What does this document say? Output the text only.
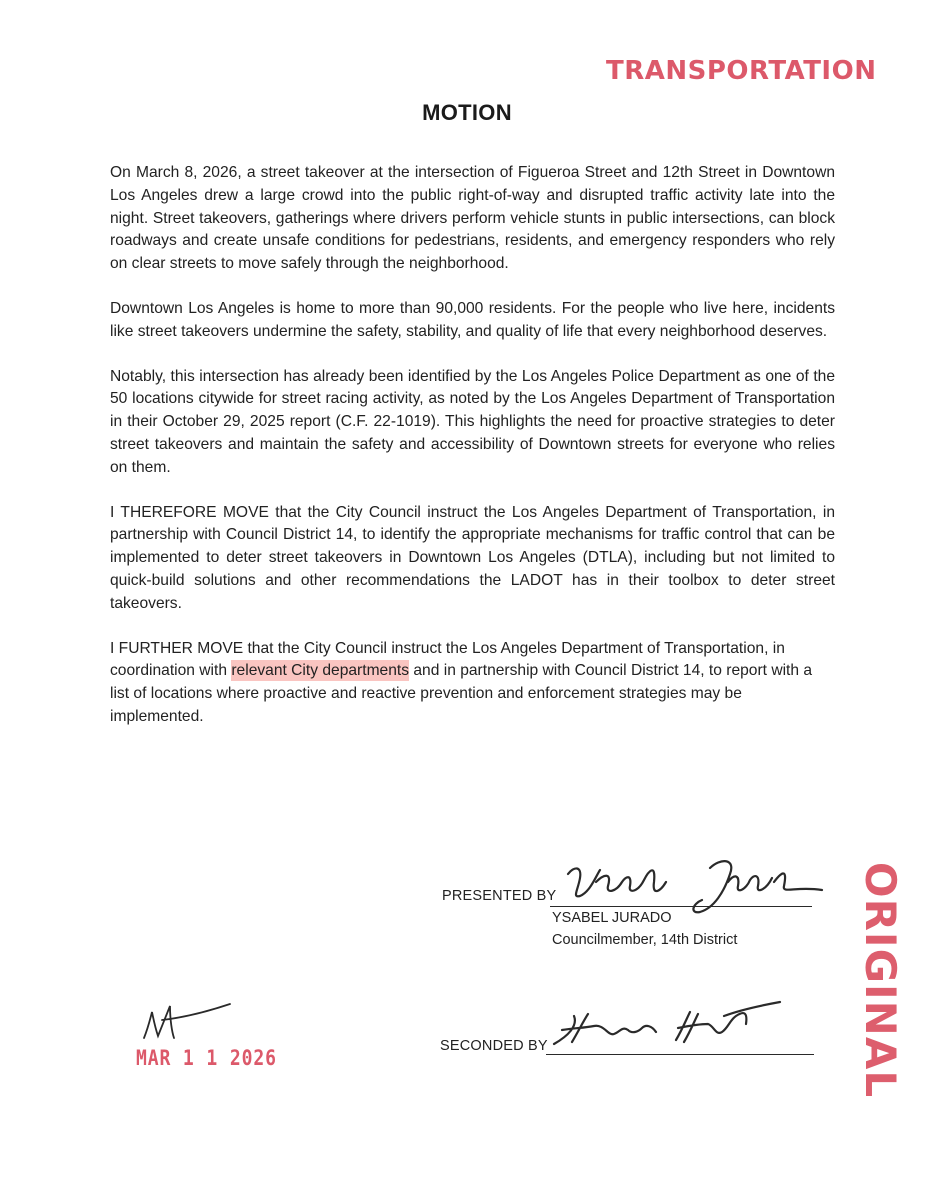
TRANSPORTATION
MOTION

On March 8, 2026, a street takeover at the intersection of Figueroa Street and 12th Street in Downtown Los Angeles drew a large crowd into the public right-of-way and disrupted traffic activity late into the night. Street takeovers, gatherings where drivers perform vehicle stunts in public intersections, can block roadways and create unsafe conditions for pedestrians, residents, and emergency responders who rely on clear streets to move safely through the neighborhood.

Downtown Los Angeles is home to more than 90,000 residents. For the people who live here, incidents like street takeovers undermine the safety, stability, and quality of life that every neighborhood deserves.

Notably, this intersection has already been identified by the Los Angeles Police Department as one of the 50 locations citywide for street racing activity, as noted by the Los Angeles Department of Transportation in their October 29, 2025 report (C.F. 22-1019). This highlights the need for proactive strategies to deter street takeovers and maintain the safety and accessibility of Downtown streets for everyone who relies on them.

I THEREFORE MOVE that the City Council instruct the Los Angeles Department of Transportation, in partnership with Council District 14, to identify the appropriate mechanisms for traffic control that can be implemented to deter street takeovers in Downtown Los Angeles (DTLA), including but not limited to quick-build solutions and other recommendations the LADOT has in their toolbox to deter street takeovers.

I FURTHER MOVE that the City Council instruct the Los Angeles Department of Transportation, in coordination with relevant City departments and in partnership with Council District 14, to report with a list of locations where proactive and reactive prevention and enforcement strategies may be implemented.

PRESENTED BY
YSABEL JURADO
Councilmember, 14th District
SECONDED BY
MAR 1 1 2026	ORIGINAL
